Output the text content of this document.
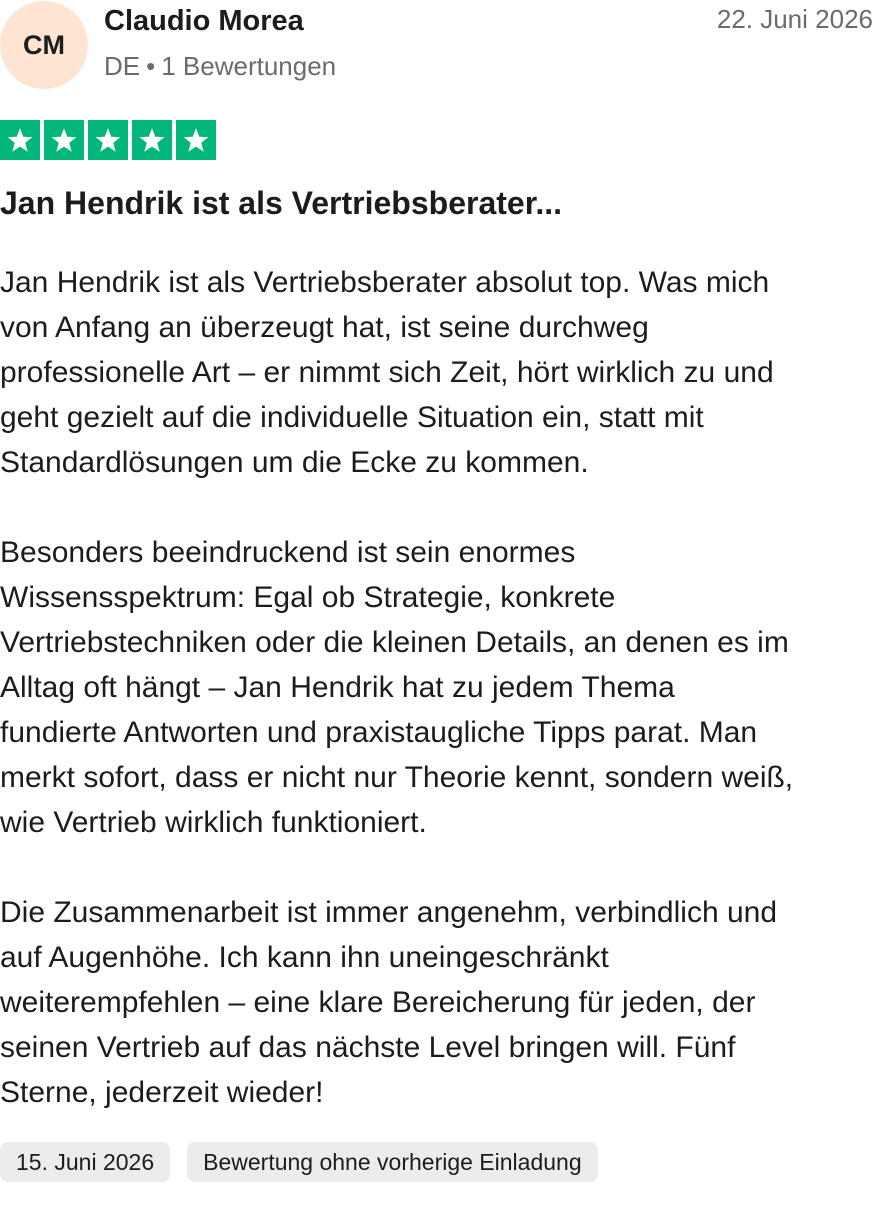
CM
Claudio Morea
DE • 1 Bewertungen
22. Juni 2026
Jan Hendrik ist als Vertriebsberater...

Jan Hendrik ist als Vertriebsberater absolut top. Was mich
von Anfang an überzeugt hat, ist seine durchweg
professionelle Art – er nimmt sich Zeit, hört wirklich zu und
geht gezielt auf die individuelle Situation ein, statt mit
Standardlösungen um die Ecke zu kommen.

Besonders beeindruckend ist sein enormes
Wissensspektrum: Egal ob Strategie, konkrete
Vertriebstechniken oder die kleinen Details, an denen es im
Alltag oft hängt – Jan Hendrik hat zu jedem Thema
fundierte Antworten und praxistaugliche Tipps parat. Man
merkt sofort, dass er nicht nur Theorie kennt, sondern weiß,
wie Vertrieb wirklich funktioniert.

Die Zusammenarbeit ist immer angenehm, verbindlich und
auf Augenhöhe. Ich kann ihn uneingeschränkt
weiterempfehlen – eine klare Bereicherung für jeden, der
seinen Vertrieb auf das nächste Level bringen will. Fünf
Sterne, jederzeit wieder!

15. Juni 2026	Bewertung ohne vorherige Einladung
